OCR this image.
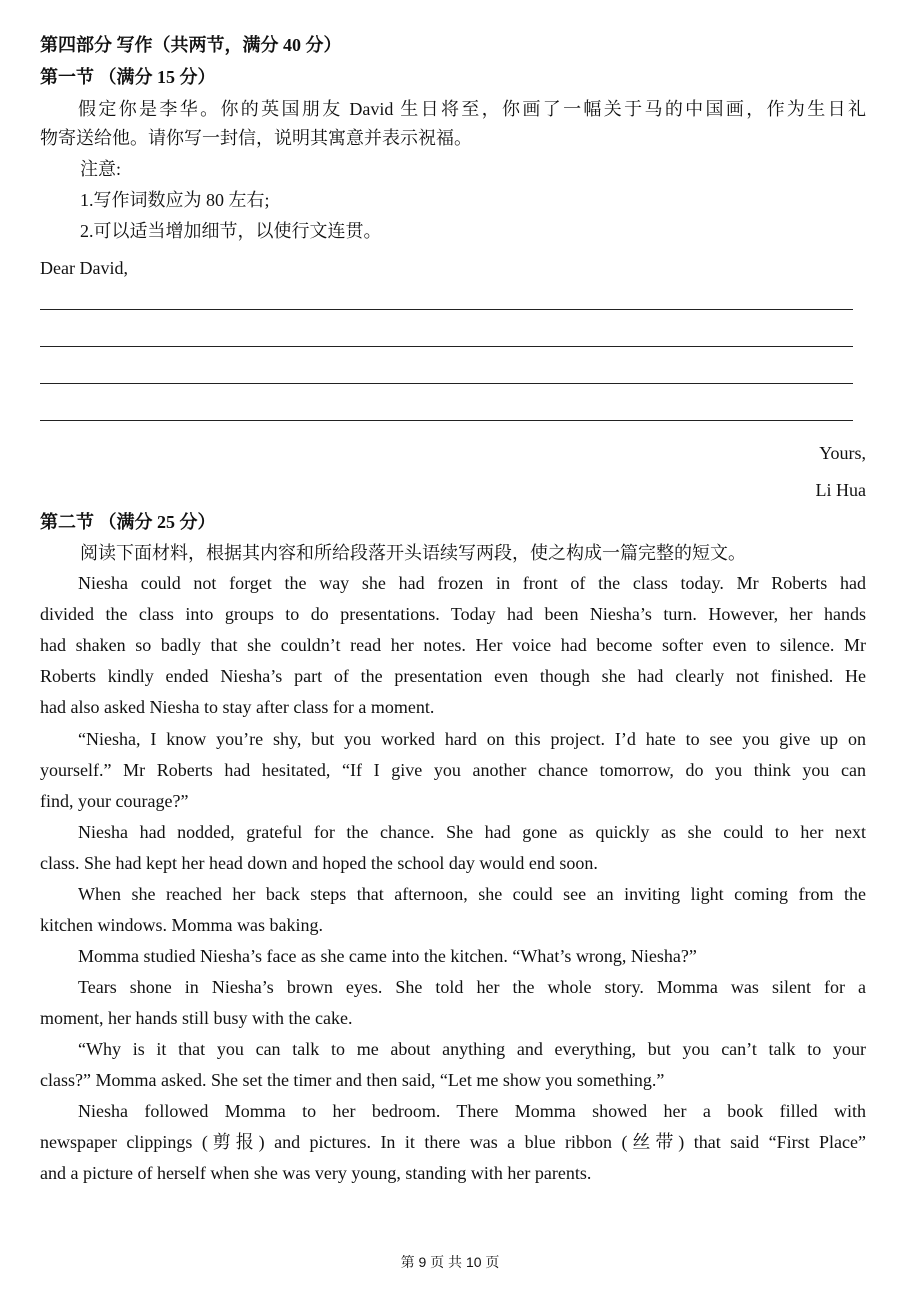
第四部分 写作（共两节，满分 40 分）
第一节 （满分 15 分）
假定你是李华。你的英国朋友 David 生日将至，你画了一幅关于马的中国画，作为生日礼
物寄送给他。请你写一封信，说明其寓意并表示祝福。
注意:
1.写作词数应为 80 左右;
2.可以适当增加细节，以使行文连贯。
Dear David,
Yours,
Li Hua
第二节 （满分 25 分）
阅读下面材料，根据其内容和所给段落开头语续写两段，使之构成一篇完整的短文。
Niesha could not forget the way she had frozen in front of the class today. Mr Roberts had
divided the class into groups to do presentations. Today had been Niesha’s turn. However, her hands
had shaken so badly that she couldn’t read her notes. Her voice had become softer even to silence. Mr
Roberts kindly ended Niesha’s part of the presentation even though she had clearly not finished. He
had also asked Niesha to stay after class for a moment.
“Niesha, I know you’re shy, but you worked hard on this project. I’d hate to see you give up on
yourself.” Mr Roberts had hesitated, “If I give you another chance tomorrow, do you think you can
find, your courage?”
Niesha had nodded, grateful for the chance. She had gone as quickly as she could to her next
class. She had kept her head down and hoped the school day would end soon.
When she reached her back steps that afternoon, she could see an inviting light coming from the
kitchen windows. Momma was baking.
Momma studied Niesha’s face as she came into the kitchen. “What’s wrong, Niesha?”
Tears shone in Niesha’s brown eyes. She told her the whole story. Momma was silent for a
moment, her hands still busy with the cake.
“Why is it that you can talk to me about anything and everything, but you can’t talk to your
class?” Momma asked. She set the timer and then said, “Let me show you something.”
Niesha followed Momma to her bedroom. There Momma showed her a book filled with
newspaper clippings (剪报) and pictures. In it there was a blue ribbon (丝带) that said “First Place”
and a picture of herself when she was very young, standing with her parents.
第 9 页 共 10 页
